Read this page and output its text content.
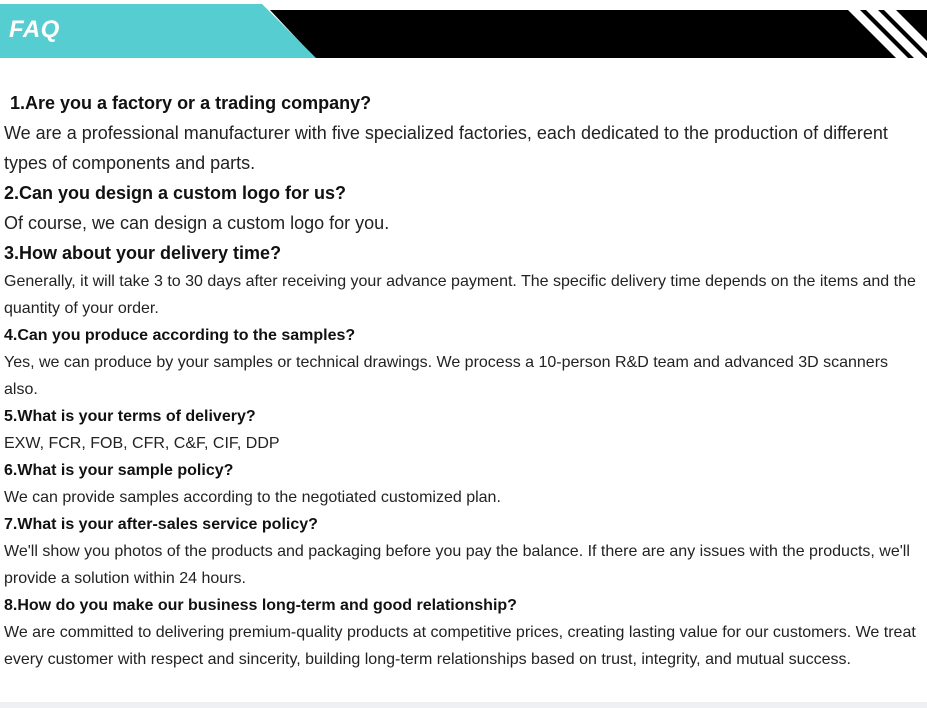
FAQ

1.Are you a factory or a trading company?

We are a professional manufacturer with five specialized factories, each dedicated to the production of different types of components and parts.

2.Can you design a custom logo for us?

Of course, we can design a custom logo for you.

3.How about your delivery time?

Generally, it will take 3 to 30 days after receiving your advance payment. The specific delivery time depends on the items and the quantity of your order.

4.Can you produce according to the samples?

Yes, we can produce by your samples or technical drawings. We process a 10-person R&D team and advanced 3D scanners also.

5.What is your terms of delivery?

EXW, FCR, FOB, CFR, C&F, CIF, DDP

6.What is your sample policy?

We can provide samples according to the negotiated customized plan.

7.What is your after-sales service policy?

We'll show you photos of the products and packaging before you pay the balance. If there are any issues with the products, we'll provide a solution within 24 hours.

8.How do you make our business long-term and good relationship?

We are committed to delivering premium-quality products at competitive prices, creating lasting value for our customers. We treat every customer with respect and sincerity, building long-term relationships based on trust, integrity, and mutual success.
